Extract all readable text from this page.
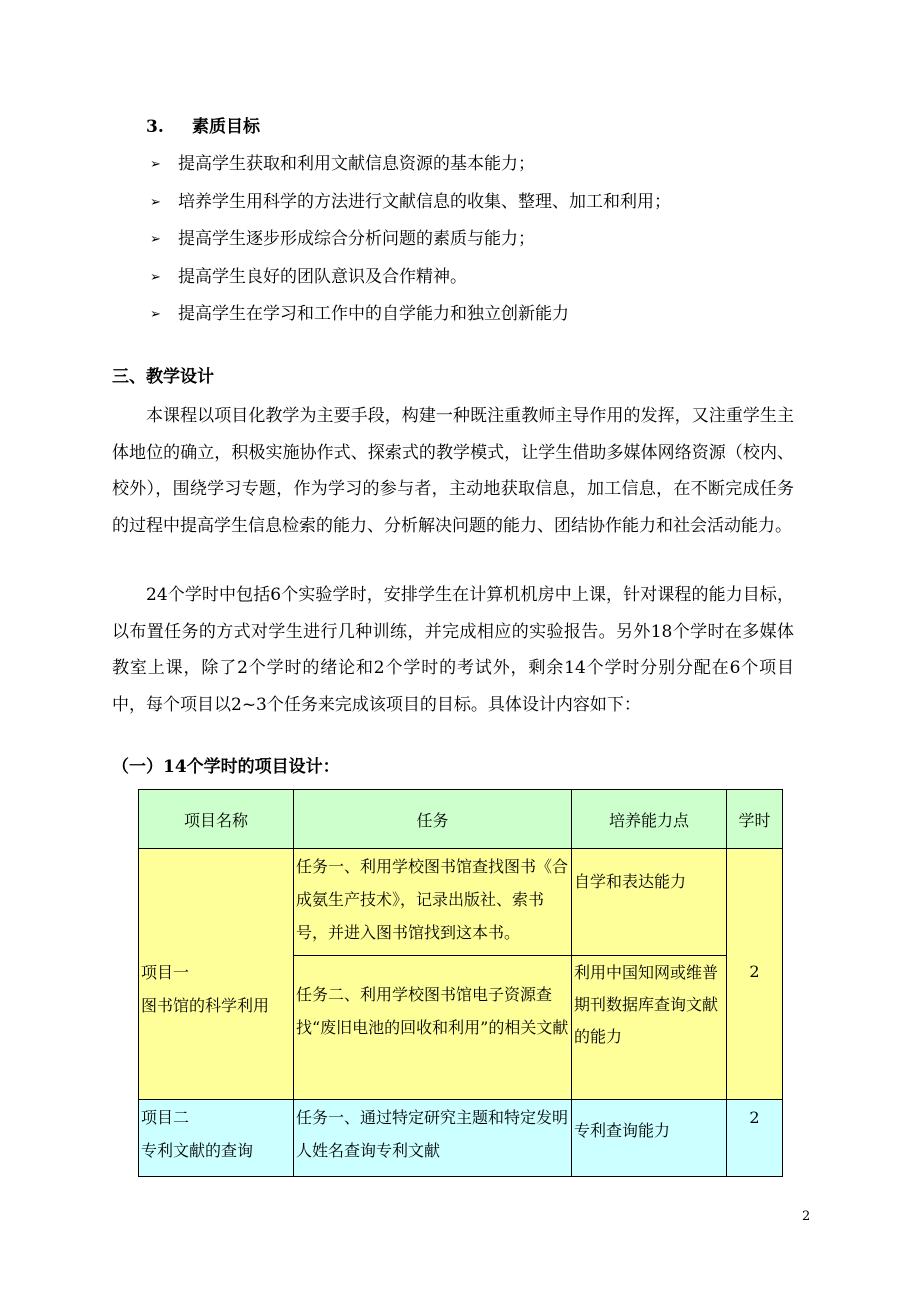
3. 素质目标
➢ 提高学生获取和利用文献信息资源的基本能力；
➢ 培养学生用科学的方法进行文献信息的收集、整理、加工和利用；
➢ 提高学生逐步形成综合分析问题的素质与能力；
➢ 提高学生良好的团队意识及合作精神。
➢ 提高学生在学习和工作中的自学能力和独立创新能力
三、教学设计
本课程以项目化教学为主要手段，构建一种既注重教师主导作用的发挥，又注重学生主体地位的确立，积极实施协作式、探索式的教学模式，让学生借助多媒体网络资源（校内、校外），围绕学习专题，作为学习的参与者，主动地获取信息，加工信息，在不断完成任务的过程中提高学生信息检索的能力、分析解决问题的能力、团结协作能力和社会活动能力。
24个学时中包括6个实验学时，安排学生在计算机机房中上课，针对课程的能力目标，以布置任务的方式对学生进行几种训练，并完成相应的实验报告。另外18个学时在多媒体教室上课，除了2个学时的绪论和2个学时的考试外，剩余14个学时分别分配在6个项目中，每个项目以2~3个任务来完成该项目的目标。具体设计内容如下：
（一）14个学时的项目设计：
项目名称	任务	培养能力点	学时

项目一
图书馆的科学利用	任务一、利用学校图书馆查找图书《合成氨生产技术》，记录出版社、索书号，并进入图书馆找到这本书。	自学和表达能力	2

	任务二、利用学校图书馆电子资源查找“废旧电池的回收和利用”的相关文献	利用中国知网或维普期刊数据库查询文献的能力	

项目二
专利文献的查询	任务一、通过特定研究主题和特定发明人姓名查询专利文献	专利查询能力	2
2
